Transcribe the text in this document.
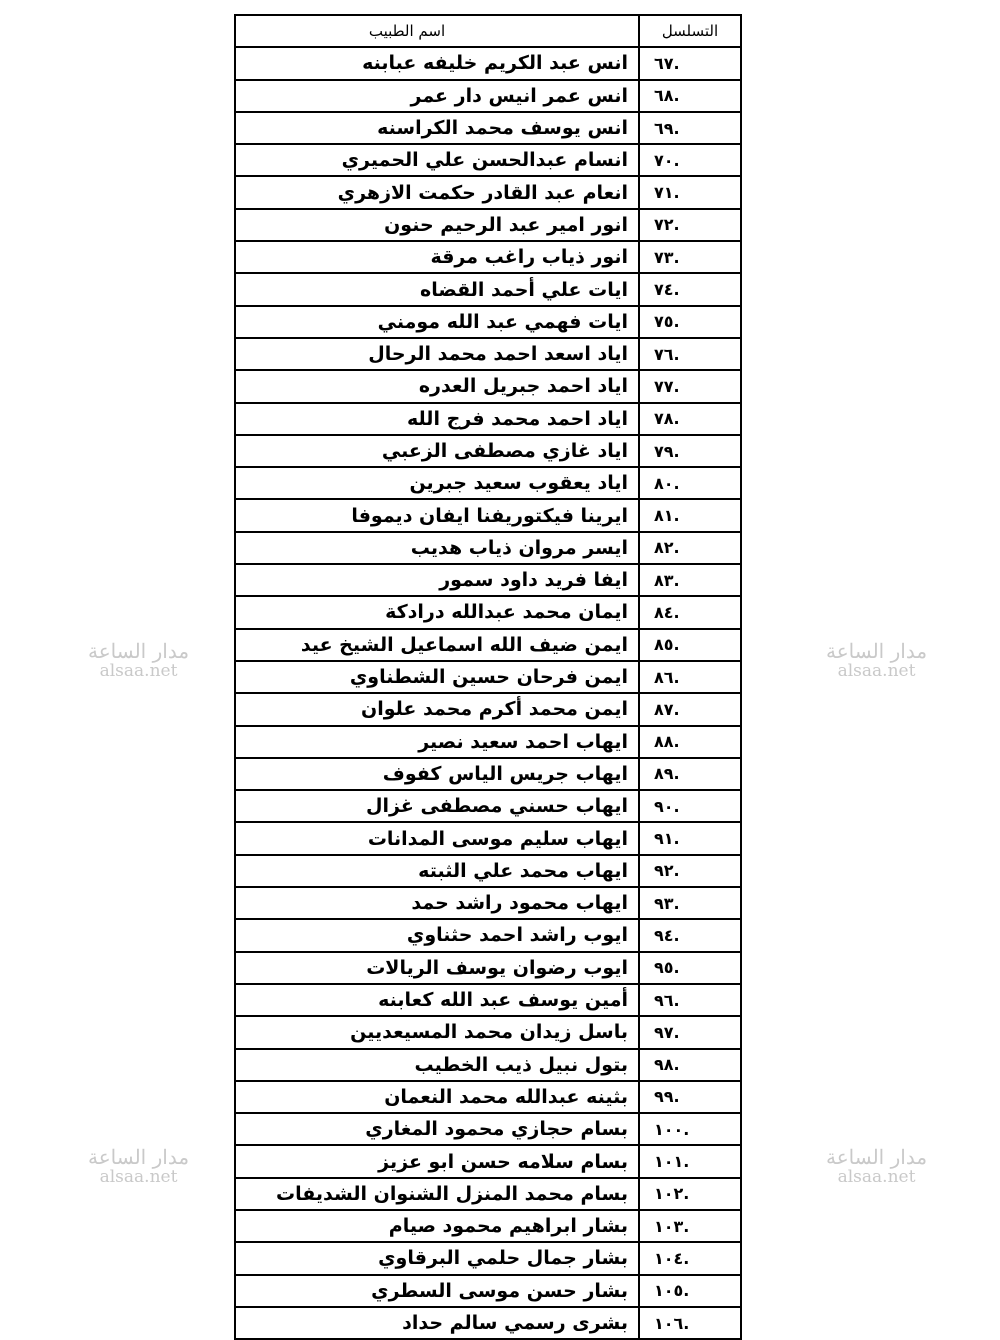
اسم الطبيب	التسلسل
انس عبد الكريم خليفه عبابنه	٦٧.
انس عمر انيس دار عمر	٦٨.
انس يوسف محمد الكراسنه	٦٩.
انسام عبدالحسن علي الحميري	٧٠.
انعام عبد القادر حكمت الازهري	٧١.
انور امير عبد الرحيم حنون	٧٢.
انور ذياب راغب مرقة	٧٣.
ايات علي أحمد القضاه	٧٤.
ايات فهمي عبد الله مومني	٧٥.
اياد اسعد احمد محمد الرحال	٧٦.
اياد احمد جبريل العدره	٧٧.
اياد احمد محمد فرج الله	٧٨.
اياد غازي مصطفى الزعبي	٧٩.
اياد يعقوب سعيد جبرين	٨٠.
ايرينا فيكتوريفنا ايفان ديموفا	٨١.
ايسر مروان ذياب هديب	٨٢.
ايفا فريد داود سمور	٨٣.
ايمان محمد عبدالله درادكة	٨٤.
ايمن ضيف الله اسماعيل الشيخ عيد	٨٥.
ايمن فرحان حسين الشطناوي	٨٦.
ايمن محمد أكرم محمد علوان	٨٧.
ايهاب احمد سعيد نصير	٨٨.
ايهاب جريس الياس كفوف	٨٩.
ايهاب حسني مصطفى غزال	٩٠.
ايهاب سليم موسى المدانات	٩١.
ايهاب محمد علي الثبته	٩٢.
ايهاب محمود راشد حمد	٩٣.
ايوب راشد احمد حثناوي	٩٤.
ايوب رضوان يوسف الريالات	٩٥.
أمين يوسف عبد الله كعابنه	٩٦.
باسل زيدان محمد المسيعديين	٩٧.
بتول نبيل ذيب الخطيب	٩٨.
بثينه عبدالله محمد النعمان	٩٩.
بسام حجازي محمود المغاري	١٠٠.
بسام سلامه حسن ابو عزيز	١٠١.
بسام محمد المنزل الشنوان الشديفات	١٠٢.
بشار ابراهيم محمود صيام	١٠٣.
بشار جمال حلمي البرقاوي	١٠٤.
بشار حسن موسى السطري	١٠٥.
بشرى رسمي سالم حداد	١٠٦.
مدار الساعة
alsaa.net
مدار الساعة
alsaa.net
مدار الساعة
alsaa.net
مدار الساعة
alsaa.net
